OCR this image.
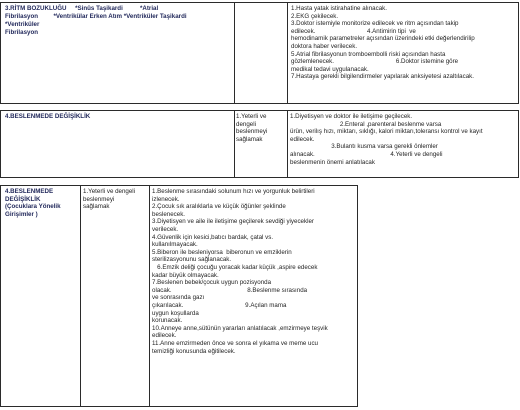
3.RİTM BOZUKLUĞU     *Sinüs Taşikardi          *Atrial
Fibrilasyon         *Ventrikülar Erken Atım *Ventriküler Taşikardi
*Ventriküler
Fibrilasyon
1.Hasta yatak istirahatine alınacak.
2.EKG çekilecek.
3.Doktor istemiyle monitorize edilecek ve ritm açısından takip
edilecek.                              4.Antimirin tipi  ve
hemodinamik parametreler açısından üzerindeki etki değerlendirilip
doktora haber verilecek.
5.Atrial fibrilasyonun tromboembolli riski açısından hasta
gözlemlenecek.                                    6.Doktor istemine göre
medikal tedavi uygulanacak.
7.Hastaya gerekli bilgilendirmeler yapılarak anksiyetesi azaltılacak.
4.BESLENMEDE DEĞİŞİKLİK	1.Yeterli ve
dengeli
beslenmeyi
sağlamak
1.Diyetisyen ve doktor ile iletişime geçilecek.
2.Enteral ,parenteral beslenme varsa
ürün, verilış hızı, miktarı, sıklığı, kalori miktarı,toleransı kontrol ve kayıt
edilecek.
3.Bulantı kusma varsa gerekli önlemler
alınacak.                                            4.Yeterli ve dengeli
beslenmenin önemi anlatılacak
4.BESLENMEDE
DEĞİŞİKLİK
(Çocuklara Yönelik
Girişimler )
1.Yeterli ve dengeli
beslenmeyi
sağlamak
1.Beslenme sırasındaki solunum hızı ve yorgunluk belirtileri
izlenecek.
2.Çocuk sık aralıklarla ve küçük öğünler şeklinde
beslenecek.
3.Diyetisyen ve aile ile iletişime geçilerek sevdiği yiyecekler
verilecek.
4.Güvenlik için kesici,batıcı bardak, çatal vs.
kullanılmayacak.
5.Biberon ile besleniyorsa  biberonun ve emziklerin
sterilizasyonunu sağlanacak.
6.Emzik deliği çocuğu yoracak kadar küçük ,aspire edecek
kadar büyük olmayacak.
7.Beslenen bebek/çocuk uygun pozisyonda
olacak.                                            8.Beslenme sırasında
ve sonrasında gazı
çıkarılacak.                                    9.Açılan mama
uygun koşullarda
korunacak.
10.Anneye anne,sütünün yararları anlatılacak ,emzirmeye teşvik
edilecek.
11.Anne emzirmeden önce ve sonra el yıkama ve meme ucu
temizliği konusunda eğitilecek.
